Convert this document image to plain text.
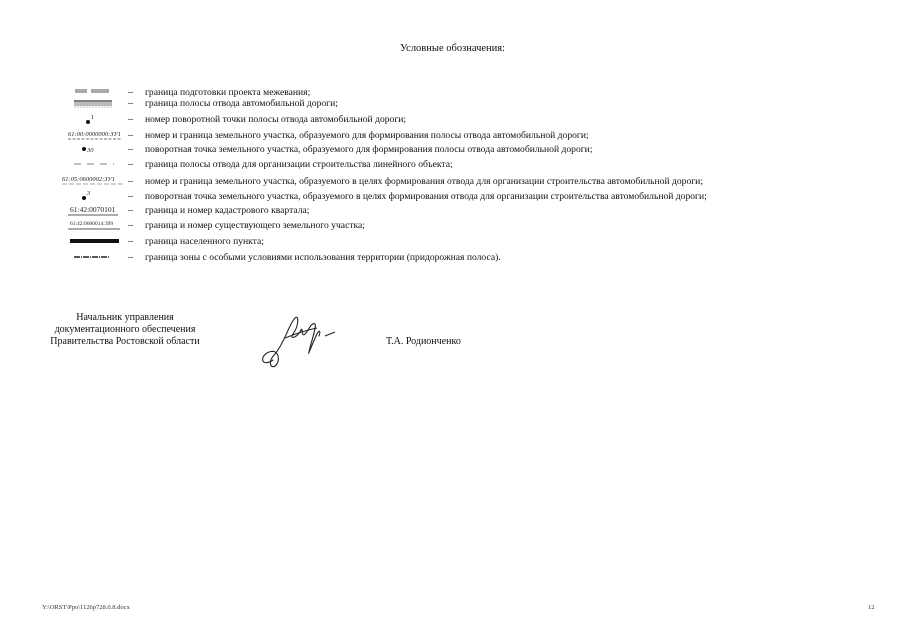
Условные обозначения:
– граница подготовки проекта межевания;
– граница полосы отвода автомобильной дороги;
1	– номер поворотной точки полосы отвода автомобильной дороги;
61:00:0000000:ЗУ1 – номер и граница земельного участка, образуемого для формирования полосы отвода автомобильной дороги;
30	– поворотная точка земельного участка, образуемого для формирования полосы отвода автомобильной дороги;
– граница полосы отвода для организации строительства линейного объекта;
61:05:0600002:ЗУ1 – номер и граница земельного участка, образуемого в целях формирования отвода для организации строительства автомобильной дороги;
3	– поворотная точка земельного участка, образуемого в целях формирования отвода для организации строительства автомобильной дороги;
61:42:0070101 – граница и номер кадастрового квартала;
61:42:0600014:399 – граница и номер существующего земельного участка;
– граница населенного пункта;
– граница зоны с особыми условиями использования территории (придорожная полоса).
Начальник управления
документационного обеспечения
Правительства Ростовской области	Т.А. Родионченко
Y:\ORST\Ppo\1126р728.0.8.docx	12
